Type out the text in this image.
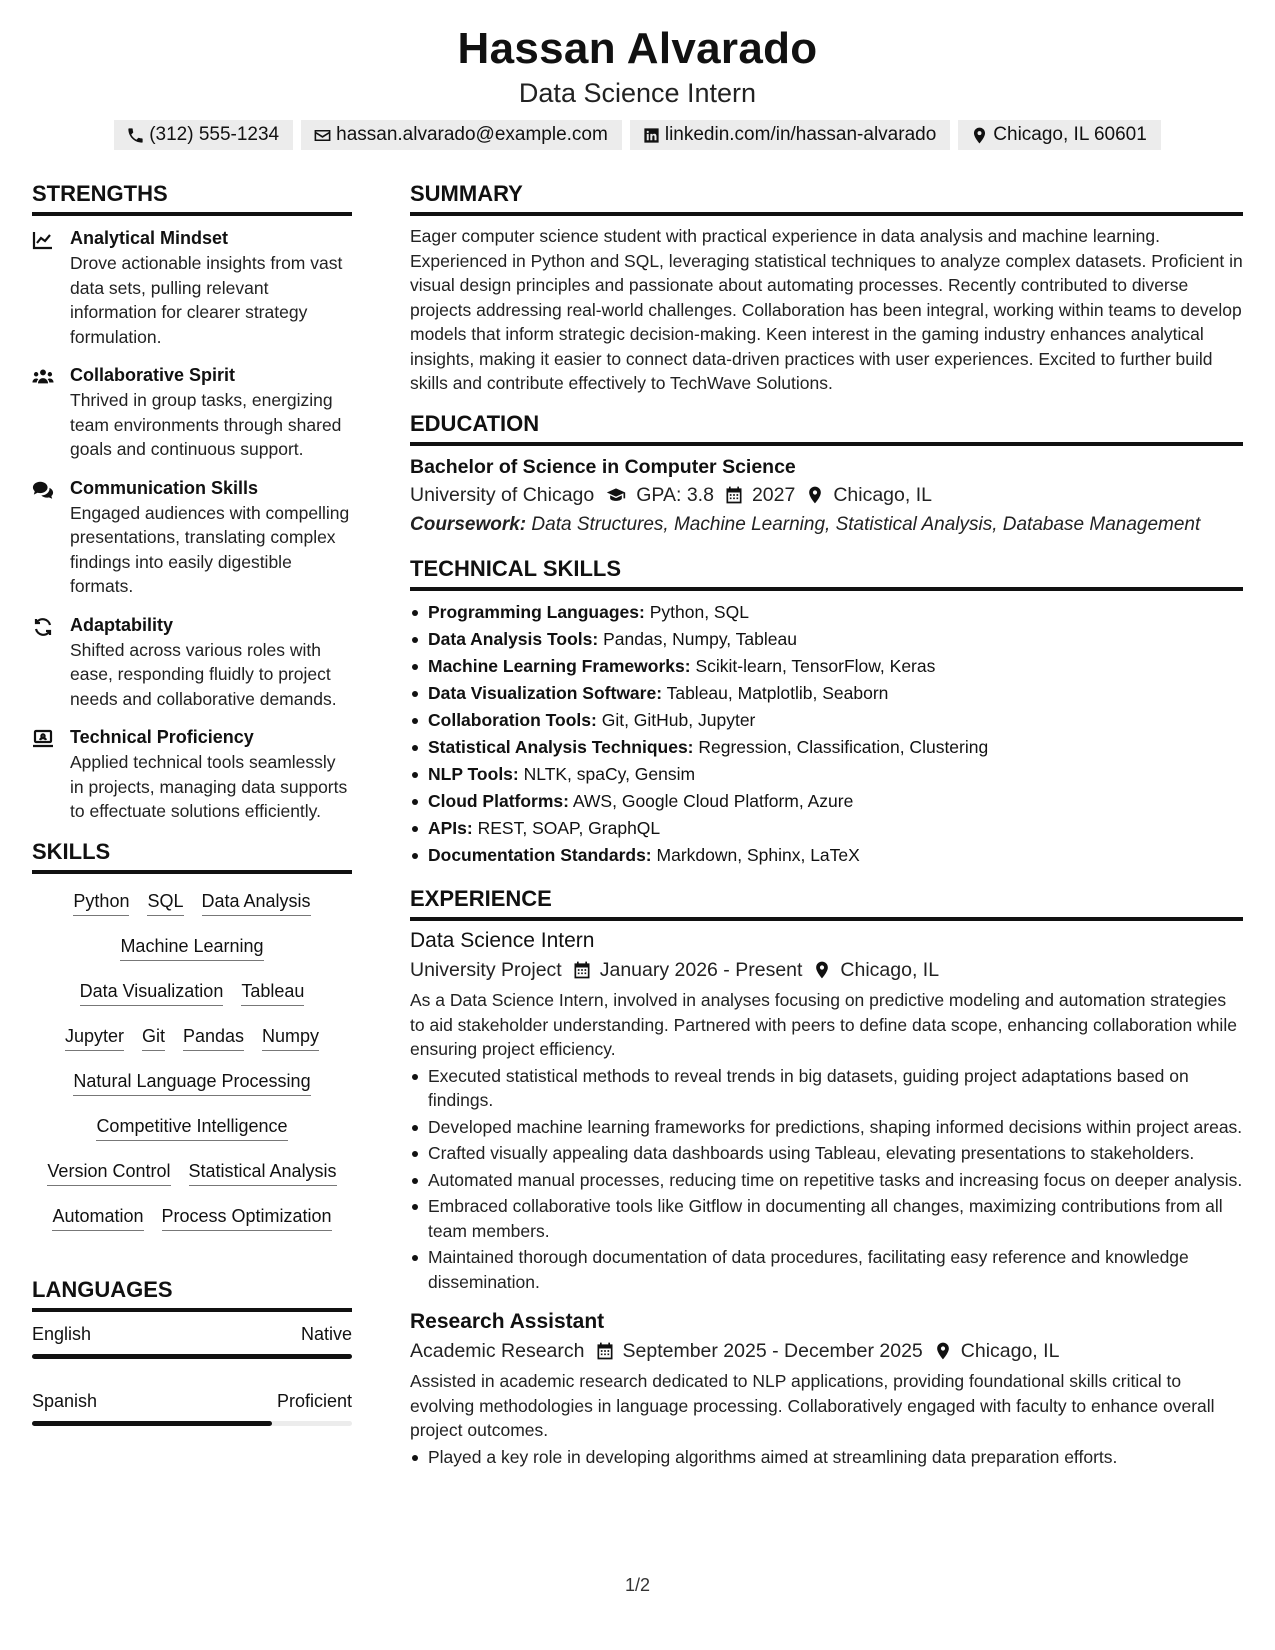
Hassan Alvarado
Data Science Intern
(312) 555-1234	hassan.alvarado@example.com	linkedin.com/in/hassan-alvarado	Chicago, IL 60601
STRENGTHS
Analytical Mindset
Drove actionable insights from vast data sets, pulling relevant information for clearer strategy formulation.
Collaborative Spirit
Thrived in group tasks, energizing team environments through shared goals and continuous support.
Communication Skills
Engaged audiences with compelling presentations, translating complex findings into easily digestible formats.
Adaptability
Shifted across various roles with ease, responding fluidly to project needs and collaborative demands.
Technical Proficiency
Applied technical tools seamlessly in projects, managing data supports to effectuate solutions efficiently.
SKILLS
Python SQL Data Analysis
Machine Learning
Data Visualization Tableau
Jupyter Git Pandas Numpy
Natural Language Processing
Competitive Intelligence
Version Control Statistical Analysis
Automation Process Optimization
LANGUAGES
English	Native
Spanish	Proficient
SUMMARY
Eager computer science student with practical experience in data analysis and machine learning. Experienced in Python and SQL, leveraging statistical techniques to analyze complex datasets. Proficient in visual design principles and passionate about automating processes. Recently contributed to diverse projects addressing real-world challenges. Collaboration has been integral, working within teams to develop models that inform strategic decision-making. Keen interest in the gaming industry enhances analytical insights, making it easier to connect data-driven practices with user experiences. Excited to further build skills and contribute effectively to TechWave Solutions.
EDUCATION
Bachelor of Science in Computer Science
University of Chicago GPA: 3.8 2027 Chicago, IL
Coursework: Data Structures, Machine Learning, Statistical Analysis, Database Management
TECHNICAL SKILLS
Programming Languages: Python, SQL
Data Analysis Tools: Pandas, Numpy, Tableau
Machine Learning Frameworks: Scikit-learn, TensorFlow, Keras
Data Visualization Software: Tableau, Matplotlib, Seaborn
Collaboration Tools: Git, GitHub, Jupyter
Statistical Analysis Techniques: Regression, Classification, Clustering
NLP Tools: NLTK, spaCy, Gensim
Cloud Platforms: AWS, Google Cloud Platform, Azure
APIs: REST, SOAP, GraphQL
Documentation Standards: Markdown, Sphinx, LaTeX
EXPERIENCE
Data Science Intern
University Project January 2026 - Present Chicago, IL
As a Data Science Intern, involved in analyses focusing on predictive modeling and automation strategies to aid stakeholder understanding. Partnered with peers to define data scope, enhancing collaboration while ensuring project efficiency.
Executed statistical methods to reveal trends in big datasets, guiding project adaptations based on findings.
Developed machine learning frameworks for predictions, shaping informed decisions within project areas.
Crafted visually appealing data dashboards using Tableau, elevating presentations to stakeholders.
Automated manual processes, reducing time on repetitive tasks and increasing focus on deeper analysis.
Embraced collaborative tools like Gitflow in documenting all changes, maximizing contributions from all team members.
Maintained thorough documentation of data procedures, facilitating easy reference and knowledge dissemination.
Research Assistant
Academic Research September 2025 - December 2025 Chicago, IL
Assisted in academic research dedicated to NLP applications, providing foundational skills critical to evolving methodologies in language processing. Collaboratively engaged with faculty to enhance overall project outcomes.
Played a key role in developing algorithms aimed at streamlining data preparation efforts.
1/2
